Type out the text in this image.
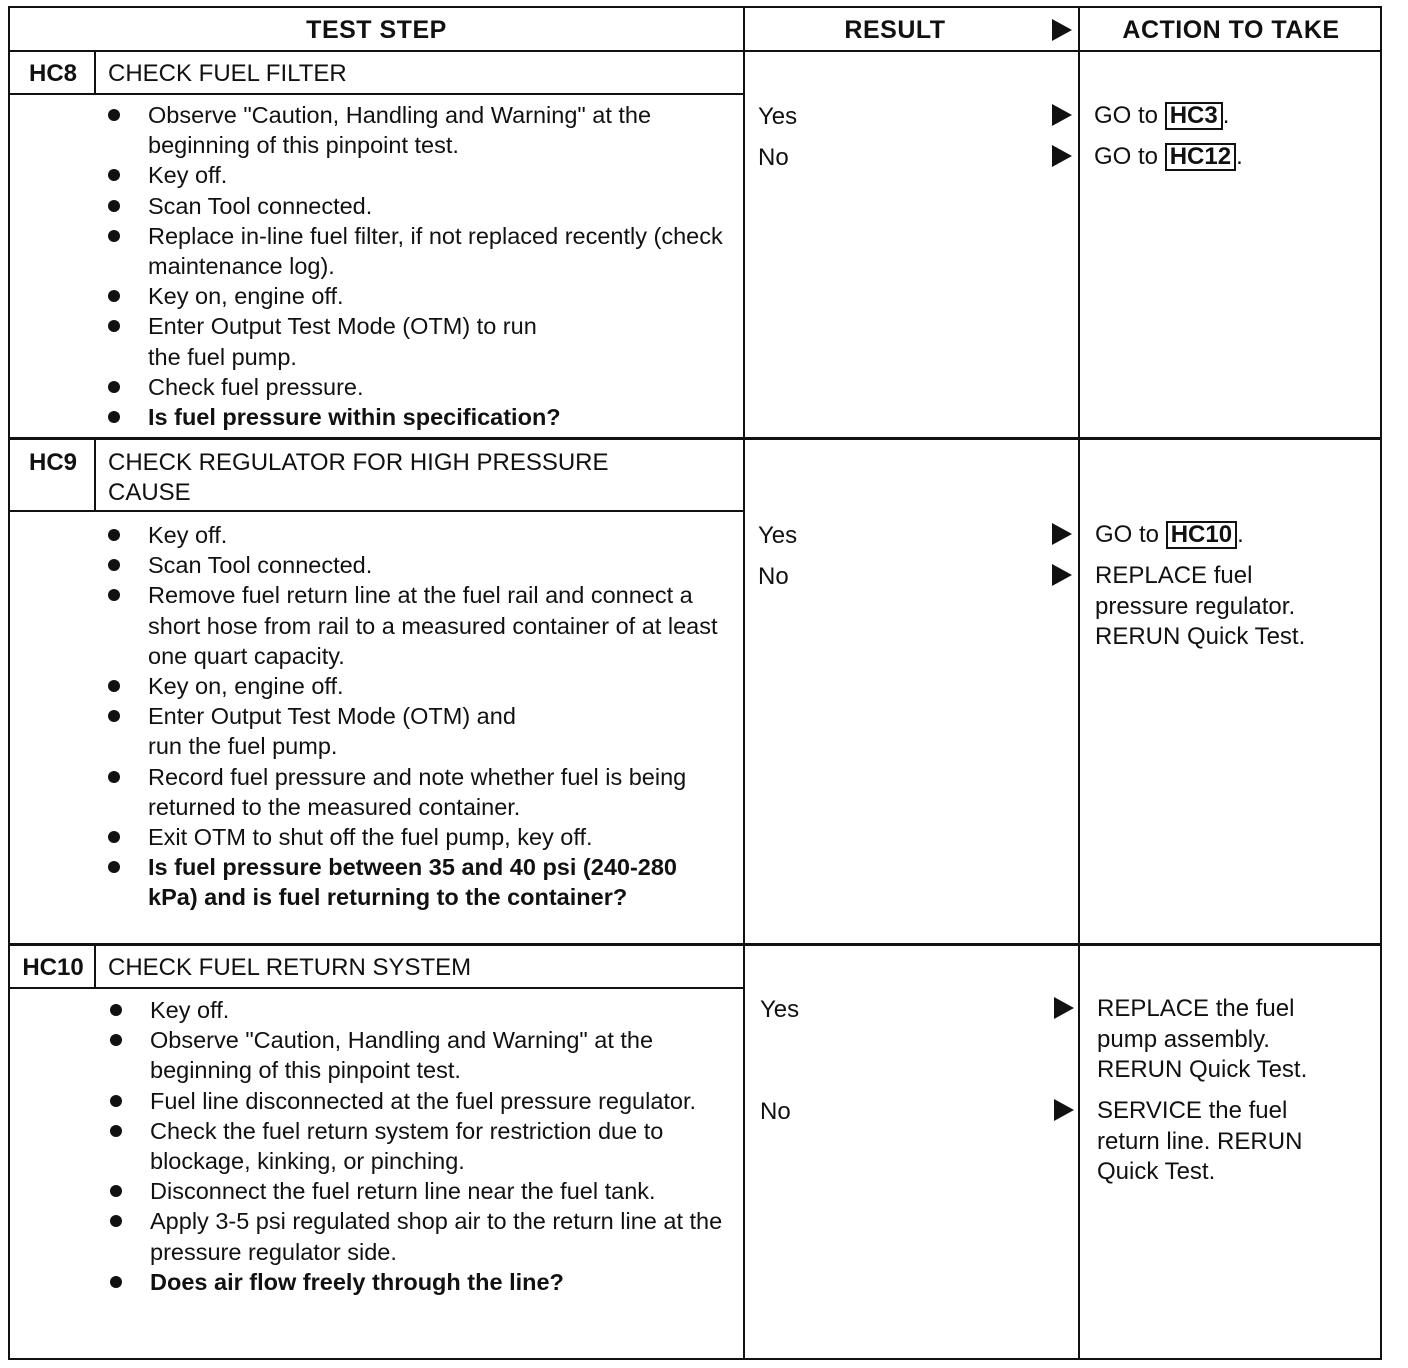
TEST STEP	RESULT	ACTION TO TAKE
HC8	CHECK FUEL FILTER
Observe "Caution, Handling and Warning" at the beginning of this pinpoint test.
Key off.
Scan Tool connected.
Replace in-line fuel filter, if not replaced recently (check maintenance log).
Key on, engine off.
Enter Output Test Mode (OTM) to run the fuel pump.
Check fuel pressure.
Is fuel pressure within specification?
Yes	GO to HC3 .
No	GO to HC12 .
HC9	CHECK REGULATOR FOR HIGH PRESSURE CAUSE
Key off.
Scan Tool connected.
Remove fuel return line at the fuel rail and connect a short hose from rail to a measured container of at least one quart capacity.
Key on, engine off.
Enter Output Test Mode (OTM) and run the fuel pump.
Record fuel pressure and note whether fuel is being returned to the measured container.
Exit OTM to shut off the fuel pump, key off.
Is fuel pressure between 35 and 40 psi (240-280 kPa) and is fuel returning to the container?
Yes	GO to HC10 .
No	REPLACE fuel pressure regulator. RERUN Quick Test.
HC10	CHECK FUEL RETURN SYSTEM
Key off.
Observe "Caution, Handling and Warning" at the beginning of this pinpoint test.
Fuel line disconnected at the fuel pressure regulator.
Check the fuel return system for restriction due to blockage, kinking, or pinching.
Disconnect the fuel return line near the fuel tank.
Apply 3-5 psi regulated shop air to the return line at the pressure regulator side.
Does air flow freely through the line?
Yes	REPLACE the fuel pump assembly. RERUN Quick Test.
No	SERVICE the fuel return line. RERUN Quick Test.
